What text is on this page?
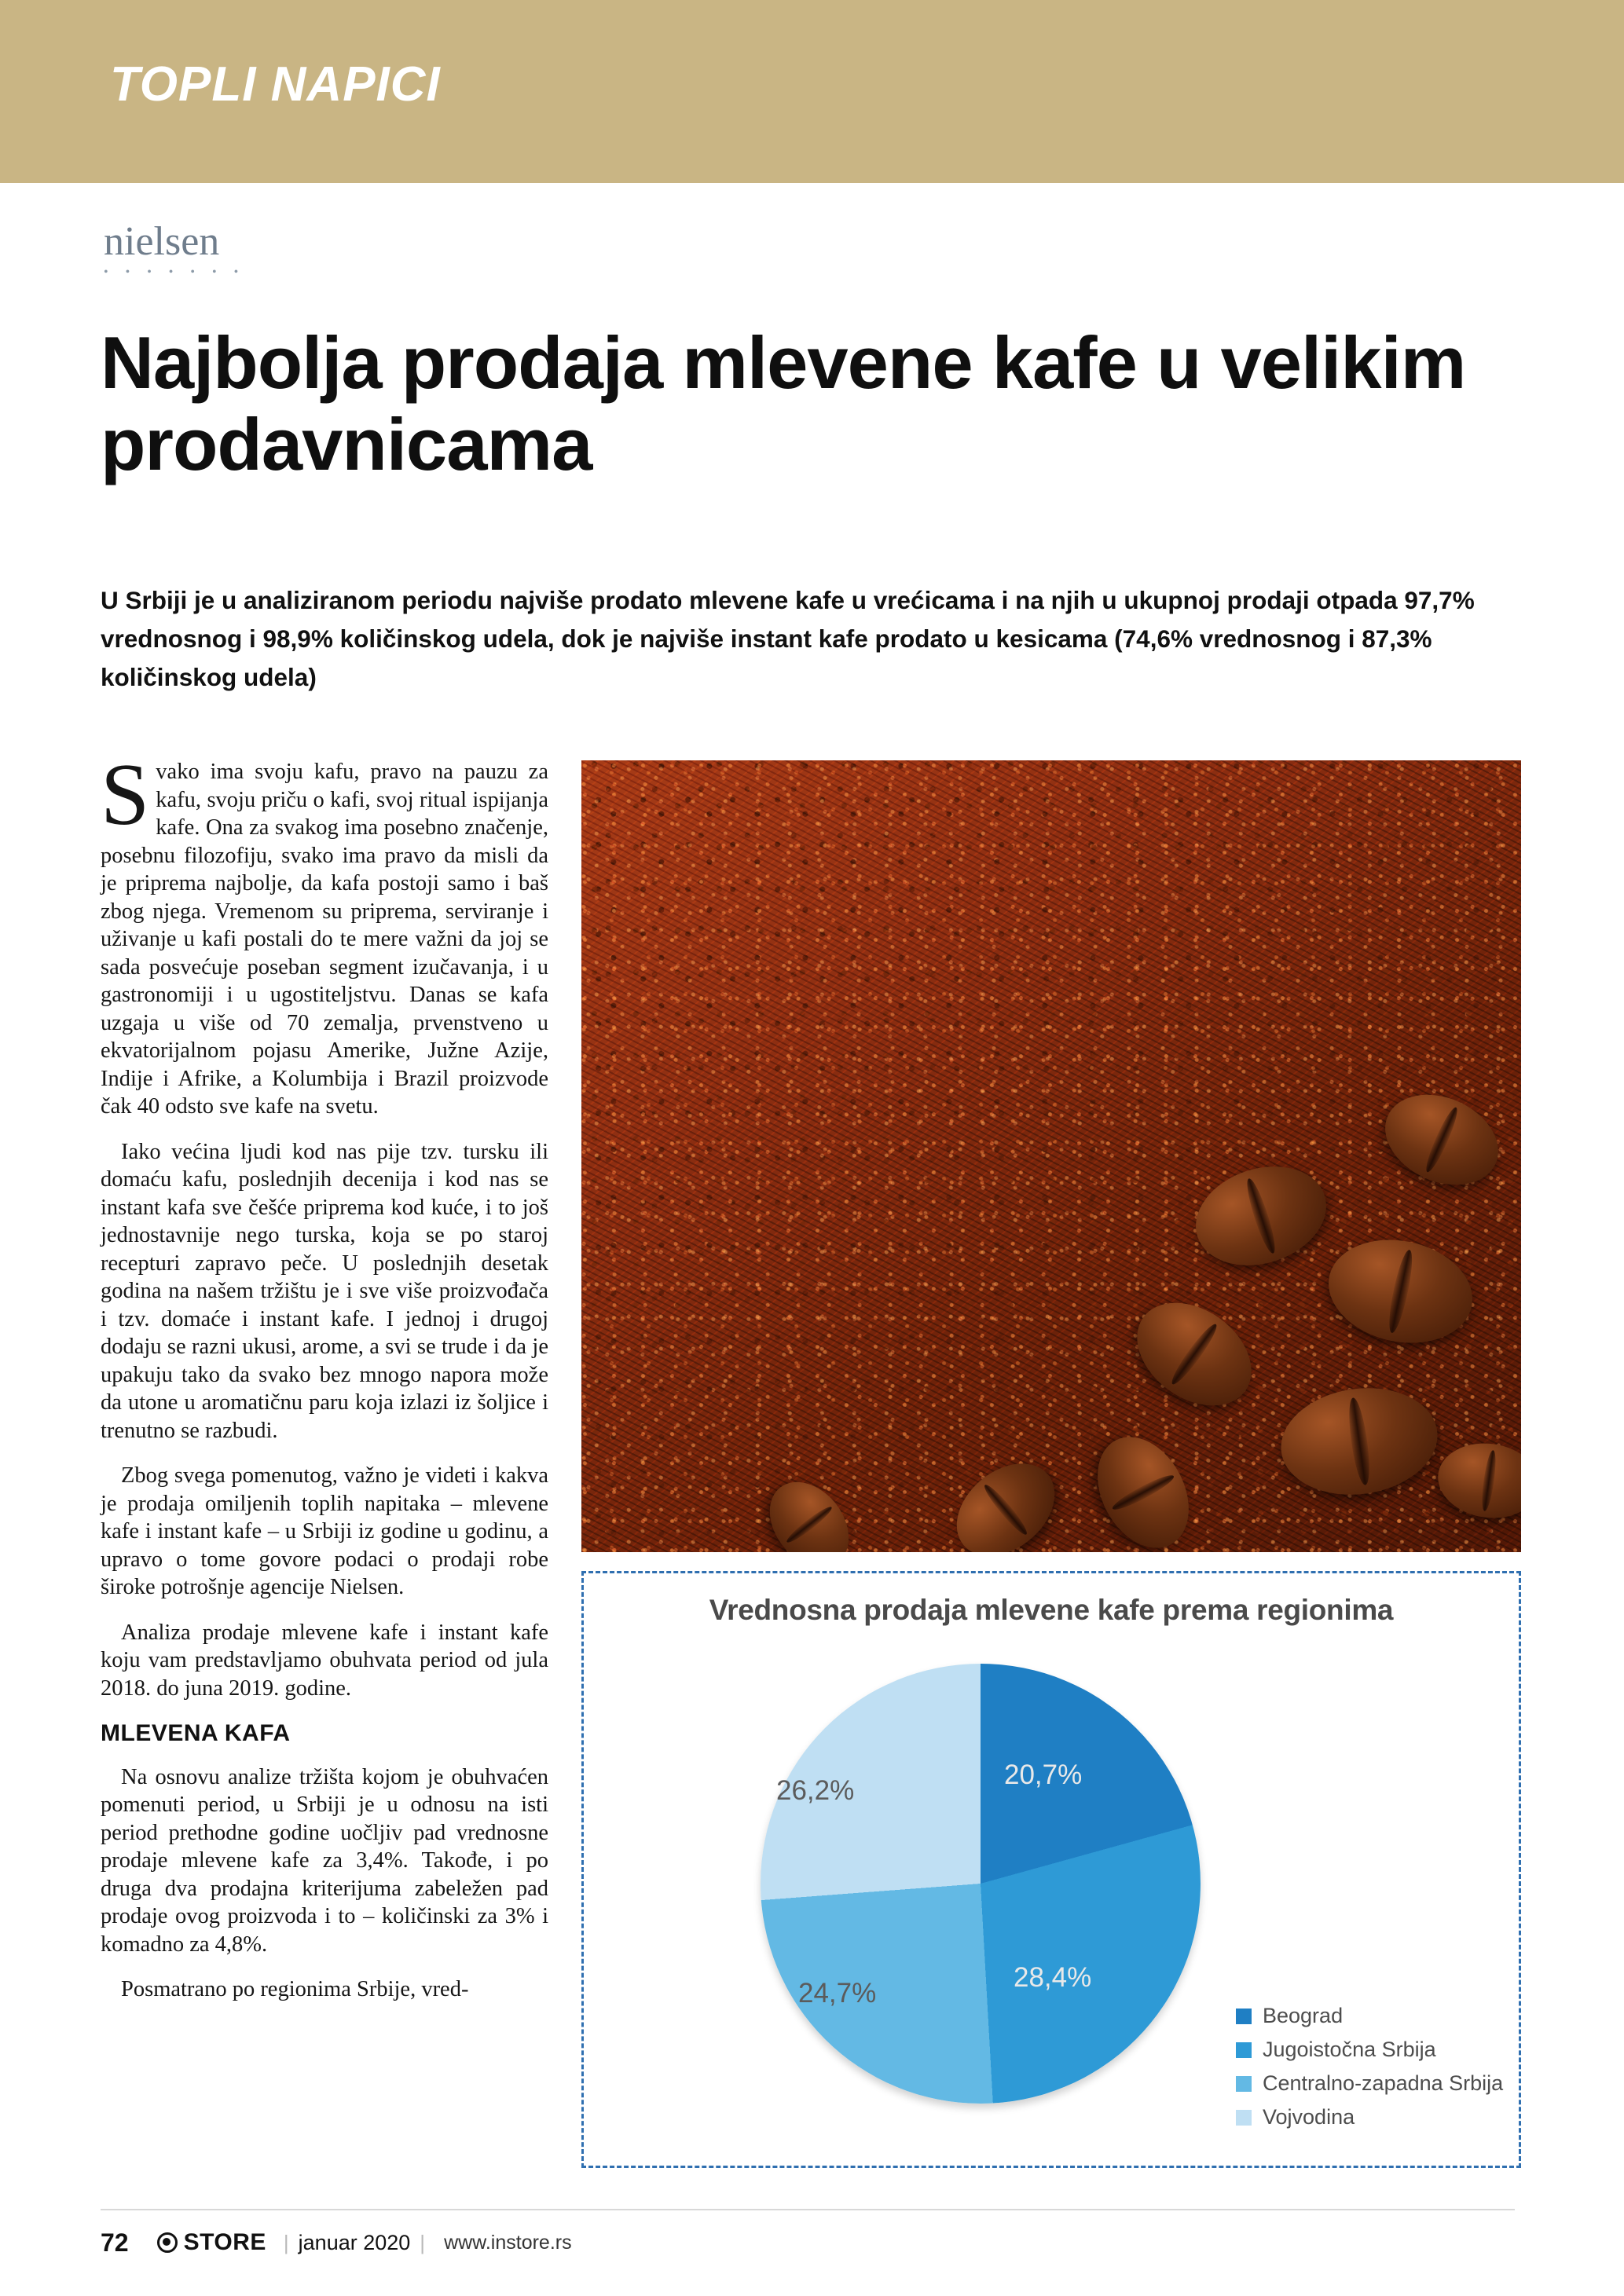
TOPLI NAPICI
nielsen
• • • • • • •
Najbolja prodaja mlevene kafe u velikim prodavnicama
U Srbiji je u analiziranom periodu najviše prodato mlevene kafe u vrećicama i na njih u ukupnoj prodaji otpada 97,7% vrednosnog i 98,9% količinskog udela, dok je najviše instant kafe prodato u kesicama (74,6% vrednosnog i 87,3% količinskog udela)

Svako ima svoju kafu, pravo na pauzu za kafu, svoju priču o kafi, svoj ritual ispijanja kafe. Ona za svakog ima posebno značenje, posebnu filozofiju, svako ima pravo da misli da je priprema najbolje, da kafa postoji samo i baš zbog njega. Vremenom su priprema, serviranje i uživanje u kafi postali do te mere važni da joj se sada posvećuje poseban segment izučavanja, i u gastronomiji i u ugostiteljstvu. Danas se kafa uzgaja u više od 70 zemalja, prvenstveno u ekvatorijalnom pojasu Amerike, Južne Azije, Indije i Afrike, a Kolumbija i Brazil proizvode čak 40 odsto sve kafe na svetu.

Iako većina ljudi kod nas pije tzv. tursku ili domaću kafu, poslednjih decenija i kod nas se instant kafa sve češće priprema kod kuće, i to još jednostavnije nego turska, koja se po staroj recepturi zapravo peče. U poslednjih desetak godina na našem tržištu je i sve više proizvođača i tzv. domaće i instant kafe. I jednoj i drugoj dodaju se razni ukusi, arome, a svi se trude i da je upakuju tako da svako bez mnogo napora može da utone u aromatičnu paru koja izlazi iz šoljice i trenutno se razbudi.

Zbog svega pomenutog, važno je videti i kakva je prodaja omiljenih toplih napitaka – mlevene kafe i instant kafe – u Srbiji iz godine u godinu, a upravo o tome govore podaci o prodaji robe široke potrošnje agencije Nielsen.

Analiza prodaje mlevene kafe i instant kafe koju vam predstavljamo obuhvata period od jula 2018. do juna 2019. godine.

MLEVENA KAFA

Na osnovu analize tržišta kojom je obuhvaćen pomenuti period, u Srbiji je u odnosu na isti period prethodne godine uočljiv pad vrednosne prodaje mlevene kafe za 3,4%. Takođe, i po druga dva prodajna kriterijuma zabeležen pad prodaje ovog proizvoda i to – količinski za 3% i komadno za 4,8%.

Posmatrano po regionima Srbije, vred-

Vrednosna prodaja mlevene kafe prema regionima
20,7%
28,4%
24,7%
26,2%
Beograd
Jugoistočna Srbija
Centralno-zapadna Srbija
Vojvodina
72 STORE | januar 2020 | www.instore.rs
